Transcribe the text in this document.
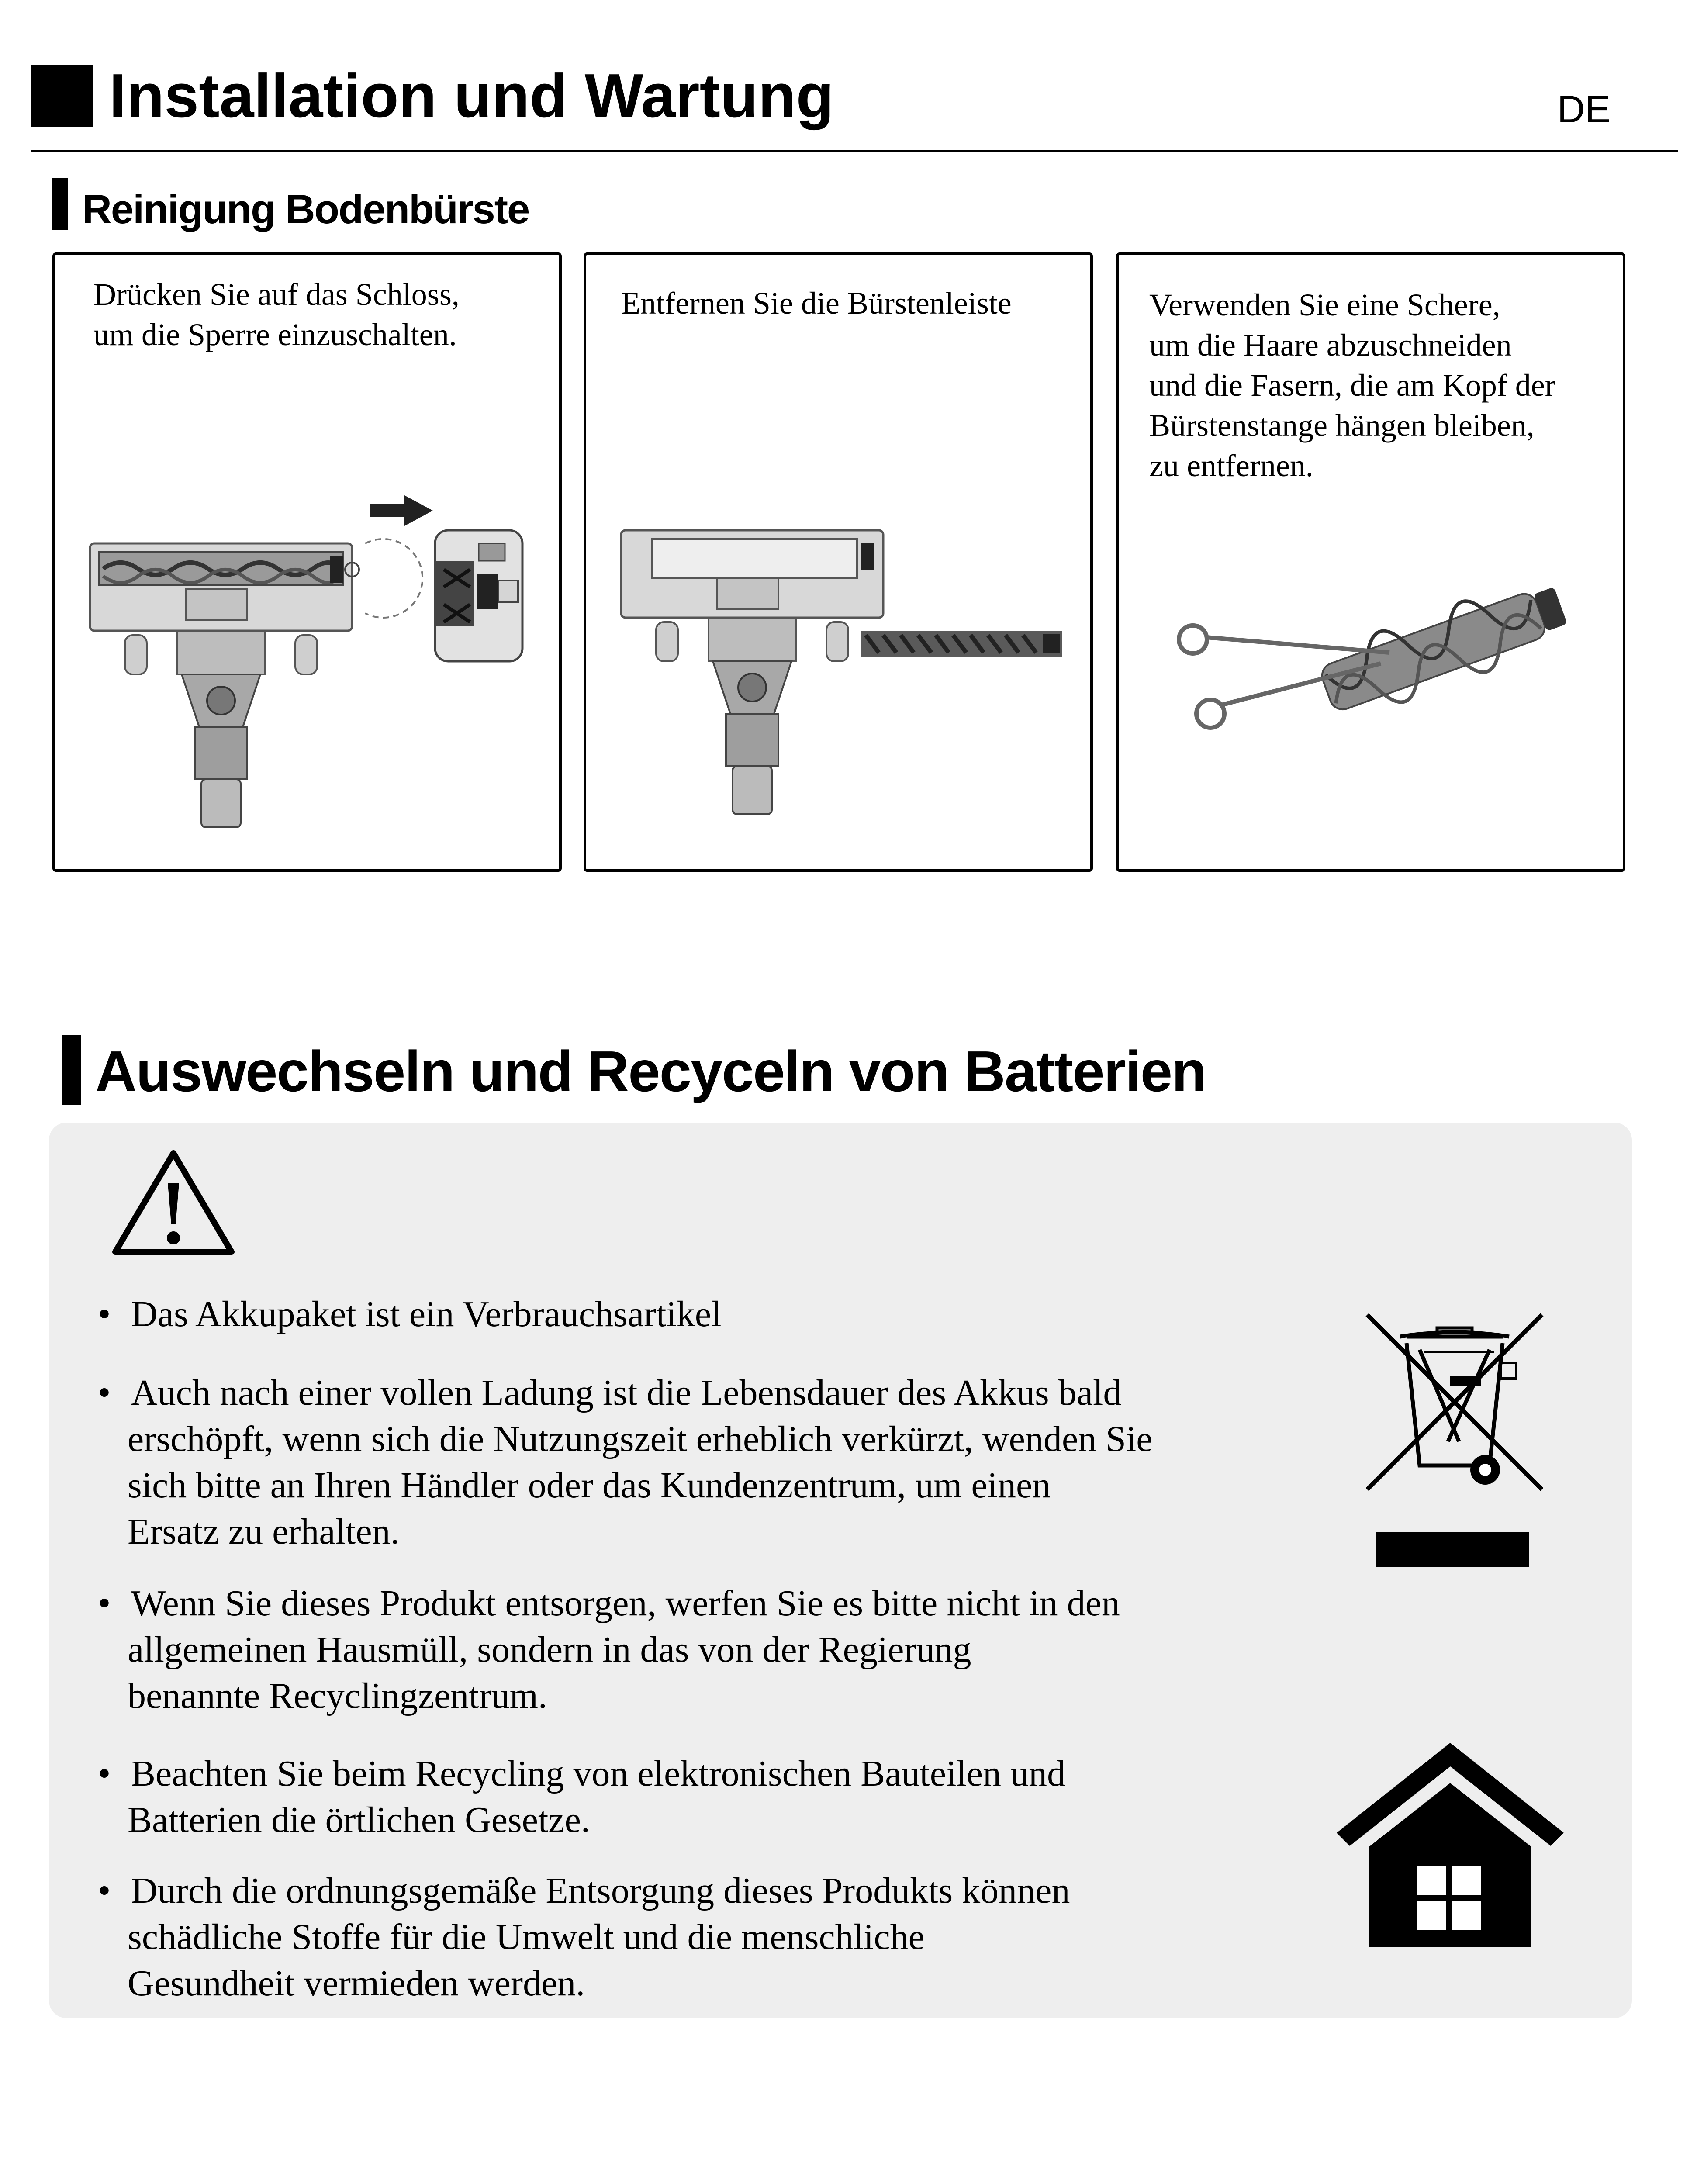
Installation und Wartung	DE
Reinigung Bodenbürste
Drücken Sie auf das Schloss,
um die Sperre einzuschalten.
Entfernen Sie die Bürstenleiste	Verwenden Sie eine Schere,
um die Haare abzuschneiden
und die Fasern, die am Kopf der
Bürstenstange hängen bleiben,
zu entfernen.
Auswechseln und Recyceln von Batterien
• Das Akkupaket ist ein Verbrauchsartikel
• Auch nach einer vollen Ladung ist die Lebensdauer des Akkus bald
erschöpft, wenn sich die Nutzungszeit erheblich verkürzt, wenden Sie
sich bitte an Ihren Händler oder das Kundenzentrum, um einen
Ersatz zu erhalten.
• Wenn Sie dieses Produkt entsorgen, werfen Sie es bitte nicht in den
allgemeinen Hausmüll, sondern in das von der Regierung
benannte Recyclingzentrum.
• Beachten Sie beim Recycling von elektronischen Bauteilen und
Batterien die örtlichen Gesetze.
• Durch die ordnungsgemäße Entsorgung dieses Produkts können
schädliche Stoffe für die Umwelt und die menschliche
Gesundheit vermieden werden.
